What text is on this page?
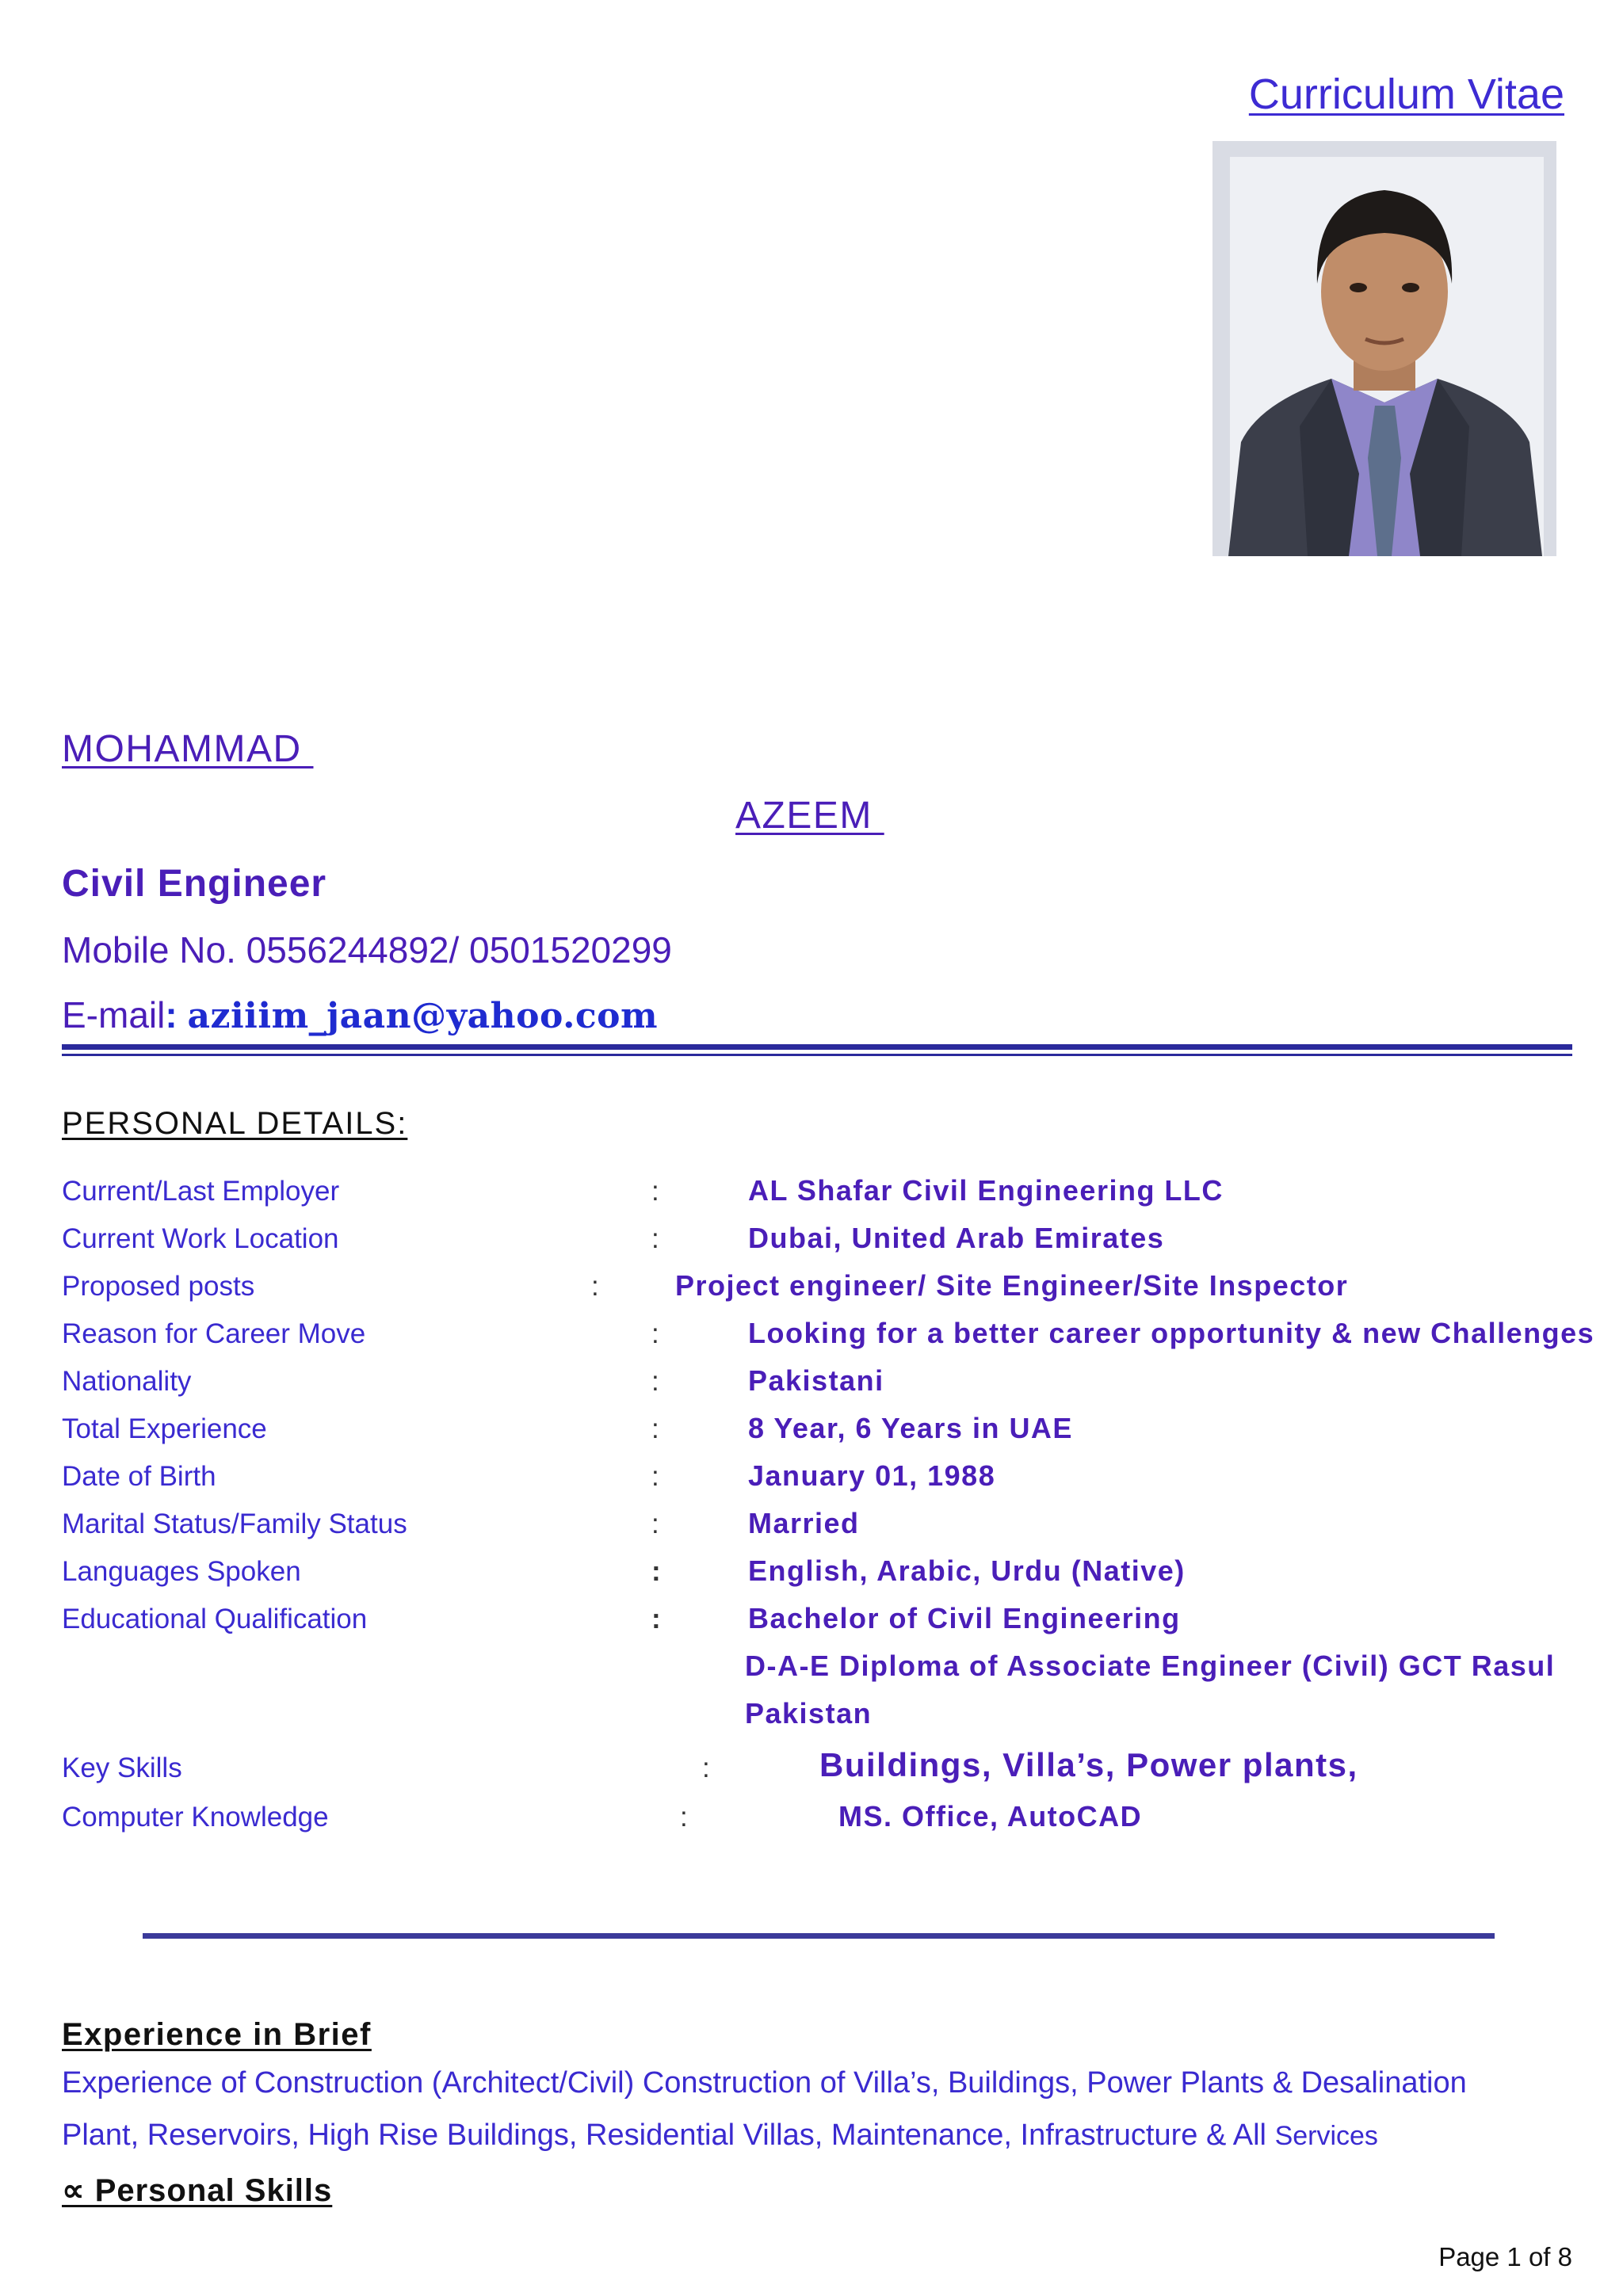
Curriculum Vitae
MOHAMMAD
AZEEM
Civil Engineer
Mobile No. 0556244892/ 0501520299
E-mail: aziiim_jaan@yahoo.com
PERSONAL DETAILS:
Current/Last Employer	:	AL Shafar Civil Engineering LLC
Current Work Location	:	Dubai, United Arab Emirates
Proposed posts	:	Project engineer/ Site Engineer/Site Inspector
Reason for Career Move	:	Looking for a better career opportunity & new Challenges
Nationality	:	Pakistani
Total Experience	:	8 Year, 6 Years in UAE
Date of Birth	:	January 01, 1988
Marital Status/Family Status	:	Married
Languages Spoken	:	English, Arabic, Urdu (Native)
Educational Qualification	:	Bachelor of Civil Engineering
D-A-E Diploma of Associate Engineer (Civil) GCT Rasul
Pakistan
Key Skills	:	Buildings, Villa’s, Power plants,
Computer Knowledge	:	MS. Office, AutoCAD
Experience in Brief
Experience of Construction (Architect/Civil) Construction of Villa’s, Buildings, Power Plants & Desalination
Plant, Reservoirs, High Rise Buildings, Residential Villas, Maintenance, Infrastructure & All Services
∝ Personal Skills
Page 1 of 8
